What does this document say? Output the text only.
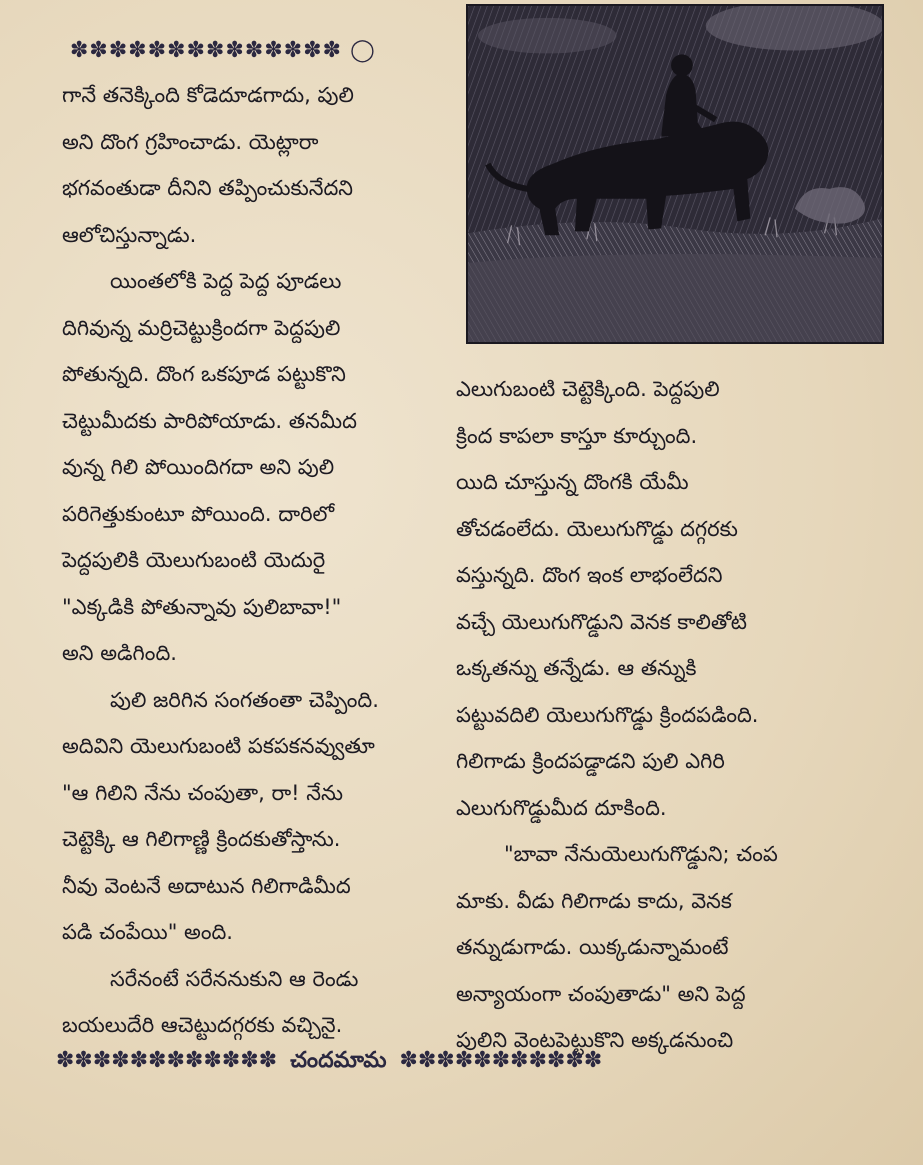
✽✽✽✽✽✽✽✽✽✽✽✽✽✽ ◯

గానే తనెక్కింది కోడెదూడగాదు, పులి

అని దొంగ గ్రహించాడు. యెట్లారా

భగవంతుడా దీనిని తప్పించుకునేదని

ఆలోచిస్తున్నాడు.

యింతలోకి పెద్ద పెద్ద పూడలు

దిగివున్న మర్రిచెట్టుక్రిందగా పెద్దపులి

పోతున్నది. దొంగ ఒకపూడ పట్టుకొని

చెట్టుమీదకు పారిపోయాడు. తనమీద

వున్న గిలి పోయిందిగదా అని పులి

పరిగెత్తుకుంటూ పోయింది. దారిలో

పెద్దపులికి యెలుగుబంటి యెదురై

"ఎక్కడికి పోతున్నావు పులిబావా!"

అని అడిగింది.

పులి జరిగిన సంగతంతా చెప్పింది.

అదివిని యెలుగుబంటి పకపకనవ్వుతూ

"ఆ గిలిని నేను చంపుతా, రా! నేను

చెట్టెక్కి ఆ గిలిగాణ్ణి క్రిందకుతోస్తాను.

నీవు వెంటనే అదాటున గిలిగాడిమీద

పడి చంపేయి" అంది.

సరేనంటే సరేననుకుని ఆ రెండు

బయలుదేరి ఆచెట్టుదగ్గరకు వచ్చినై.

ఎలుగుబంటి చెట్టెక్కింది. పెద్దపులి

క్రింద కాపలా కాస్తూ కూర్చుంది.

యిది చూస్తున్న దొంగకి యేమీ

తోచడంలేదు. యెలుగుగొడ్డు దగ్గరకు

వస్తున్నది. దొంగ ఇంక లాభంలేదని

వచ్చే యెలుగుగొడ్డుని వెనక కాలితోటి

ఒక్కతన్ను తన్నేడు. ఆ తన్నుకి

పట్టువదిలి యెలుగుగొడ్డు క్రిందపడింది.

గిలిగాడు క్రిందపడ్డాడని పులి ఎగిరి

ఎలుగుగొడ్డుమీద దూకింది.

"బావా నేనుయెలుగుగొడ్డుని; చంప

మాకు. వీడు గిలిగాడు కాదు, వెనక

తన్నుడుగాడు. యిక్కడున్నామంటే

అన్యాయంగా చంపుతాడు" అని పెద్ద

పులిని వెంటపెట్టుకొని అక్కడనుంచి

✽✽✽✽✽✽✽✽✽✽✽✽ చందమామ ✽✽✽✽✽✽✽✽✽✽✽
